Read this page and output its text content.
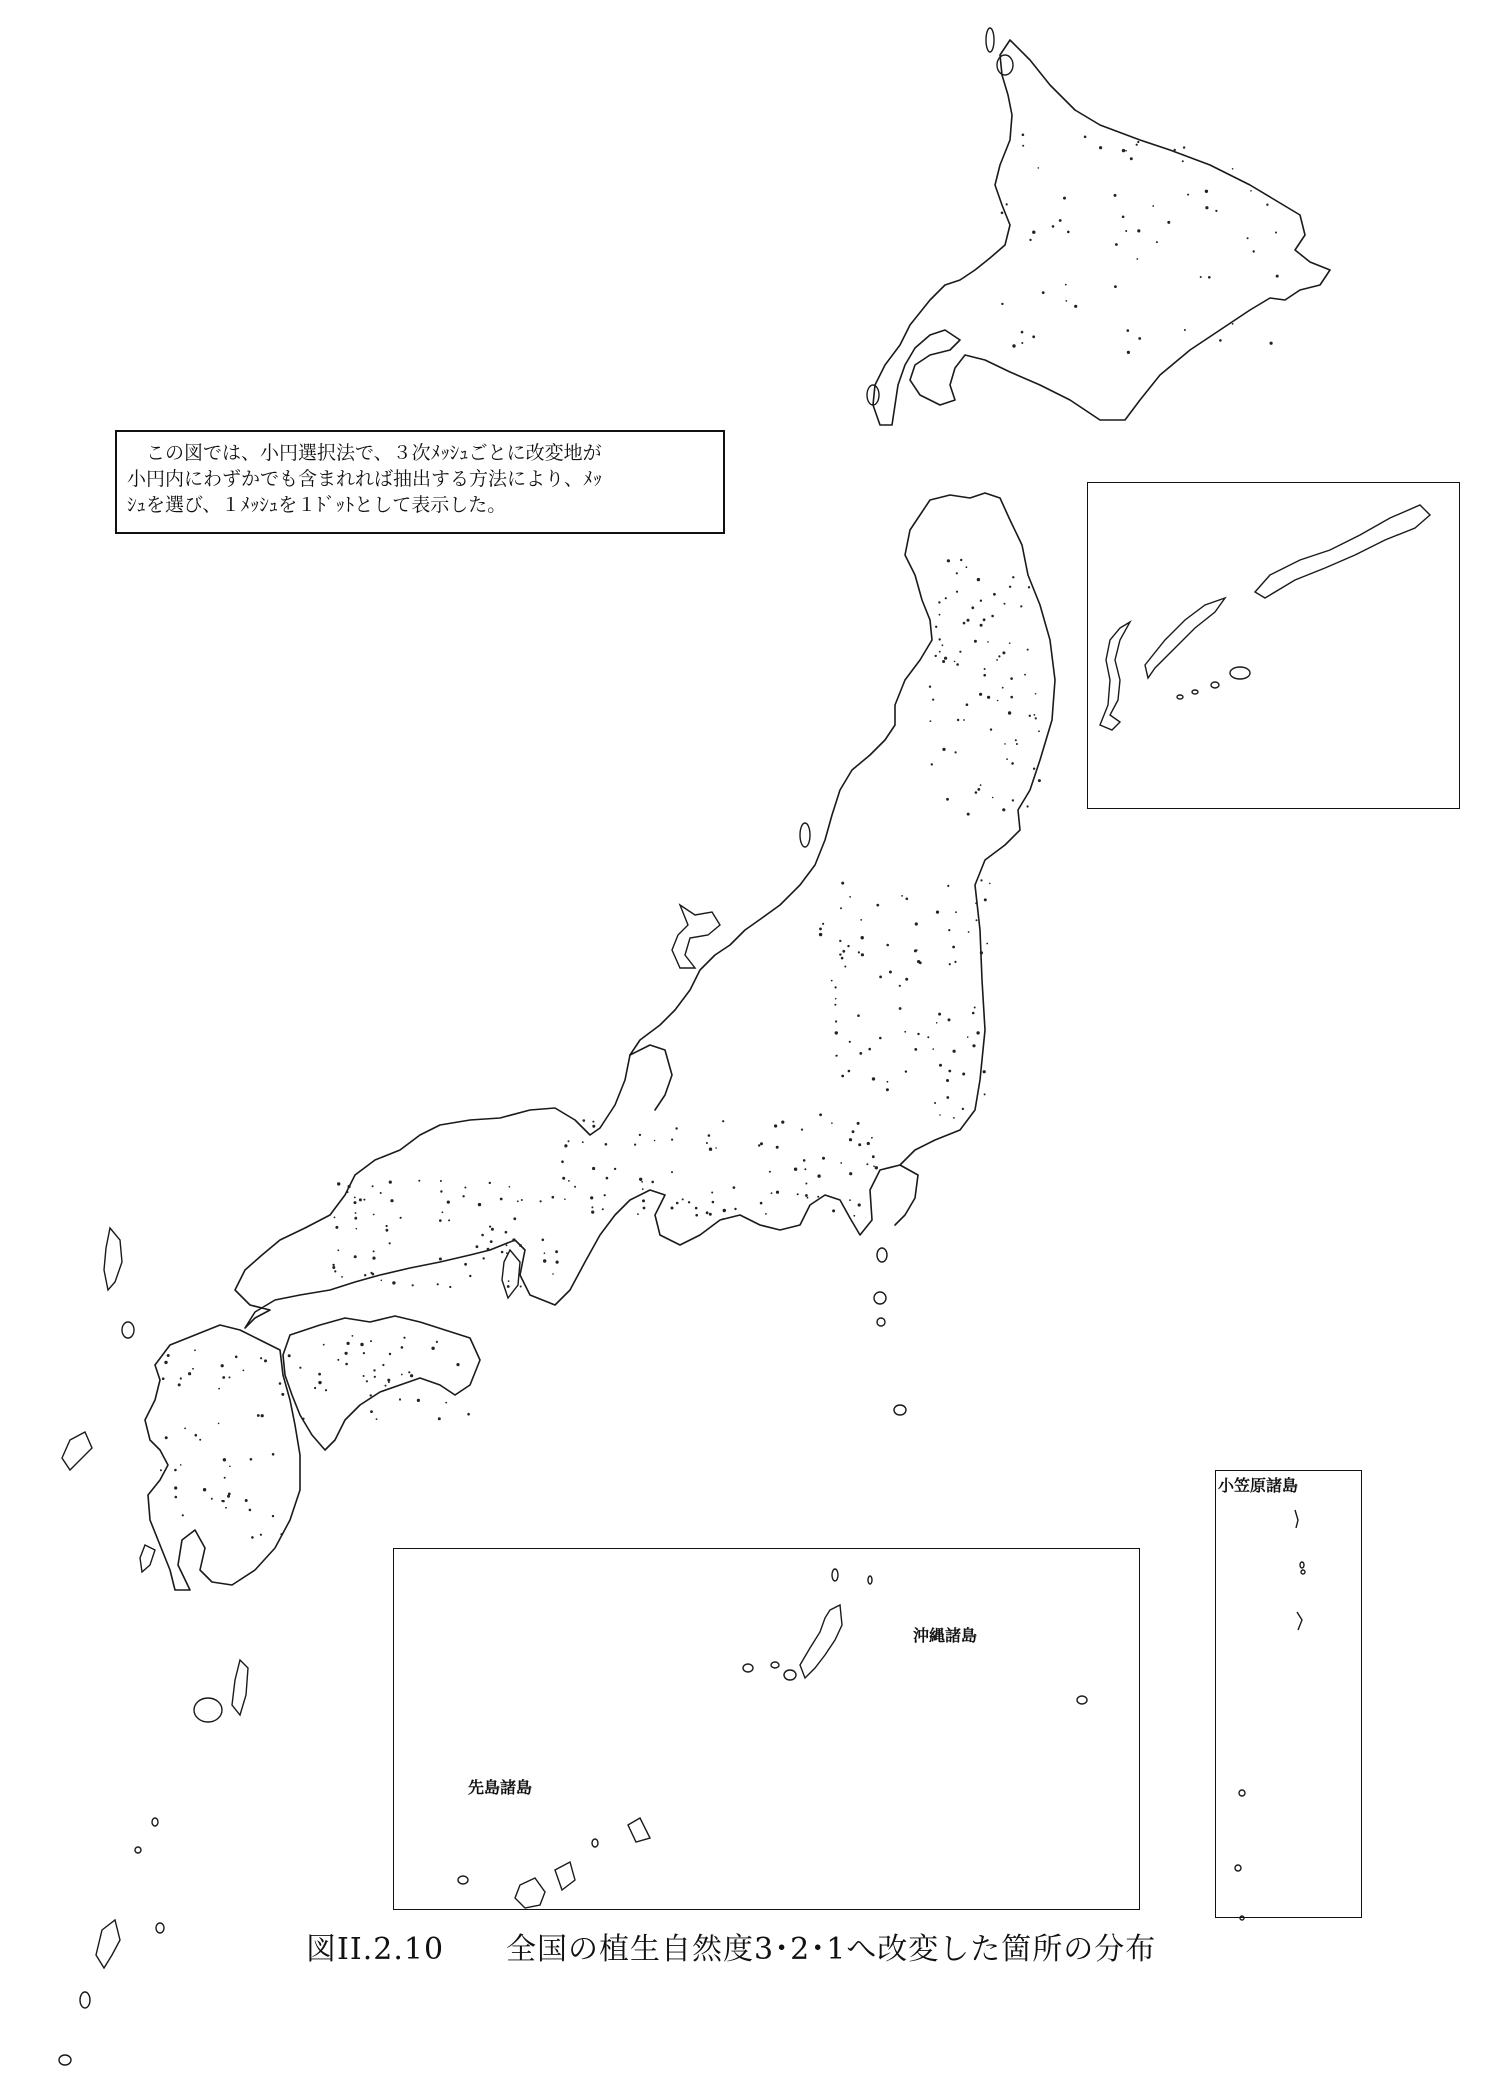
　この図では、小円選択法で、３次ﾒｯｼｭごとに改変地が
小円内にわずかでも含まれれば抽出する方法により、ﾒｯ
ｼｭを選び、１ﾒｯｼｭを１ﾄﾞｯﾄとして表示した。
沖縄諸島
先島諸島
小笠原諸島
図II.2.10　　全国の植生自然度3･2･1へ改変した箇所の分布
